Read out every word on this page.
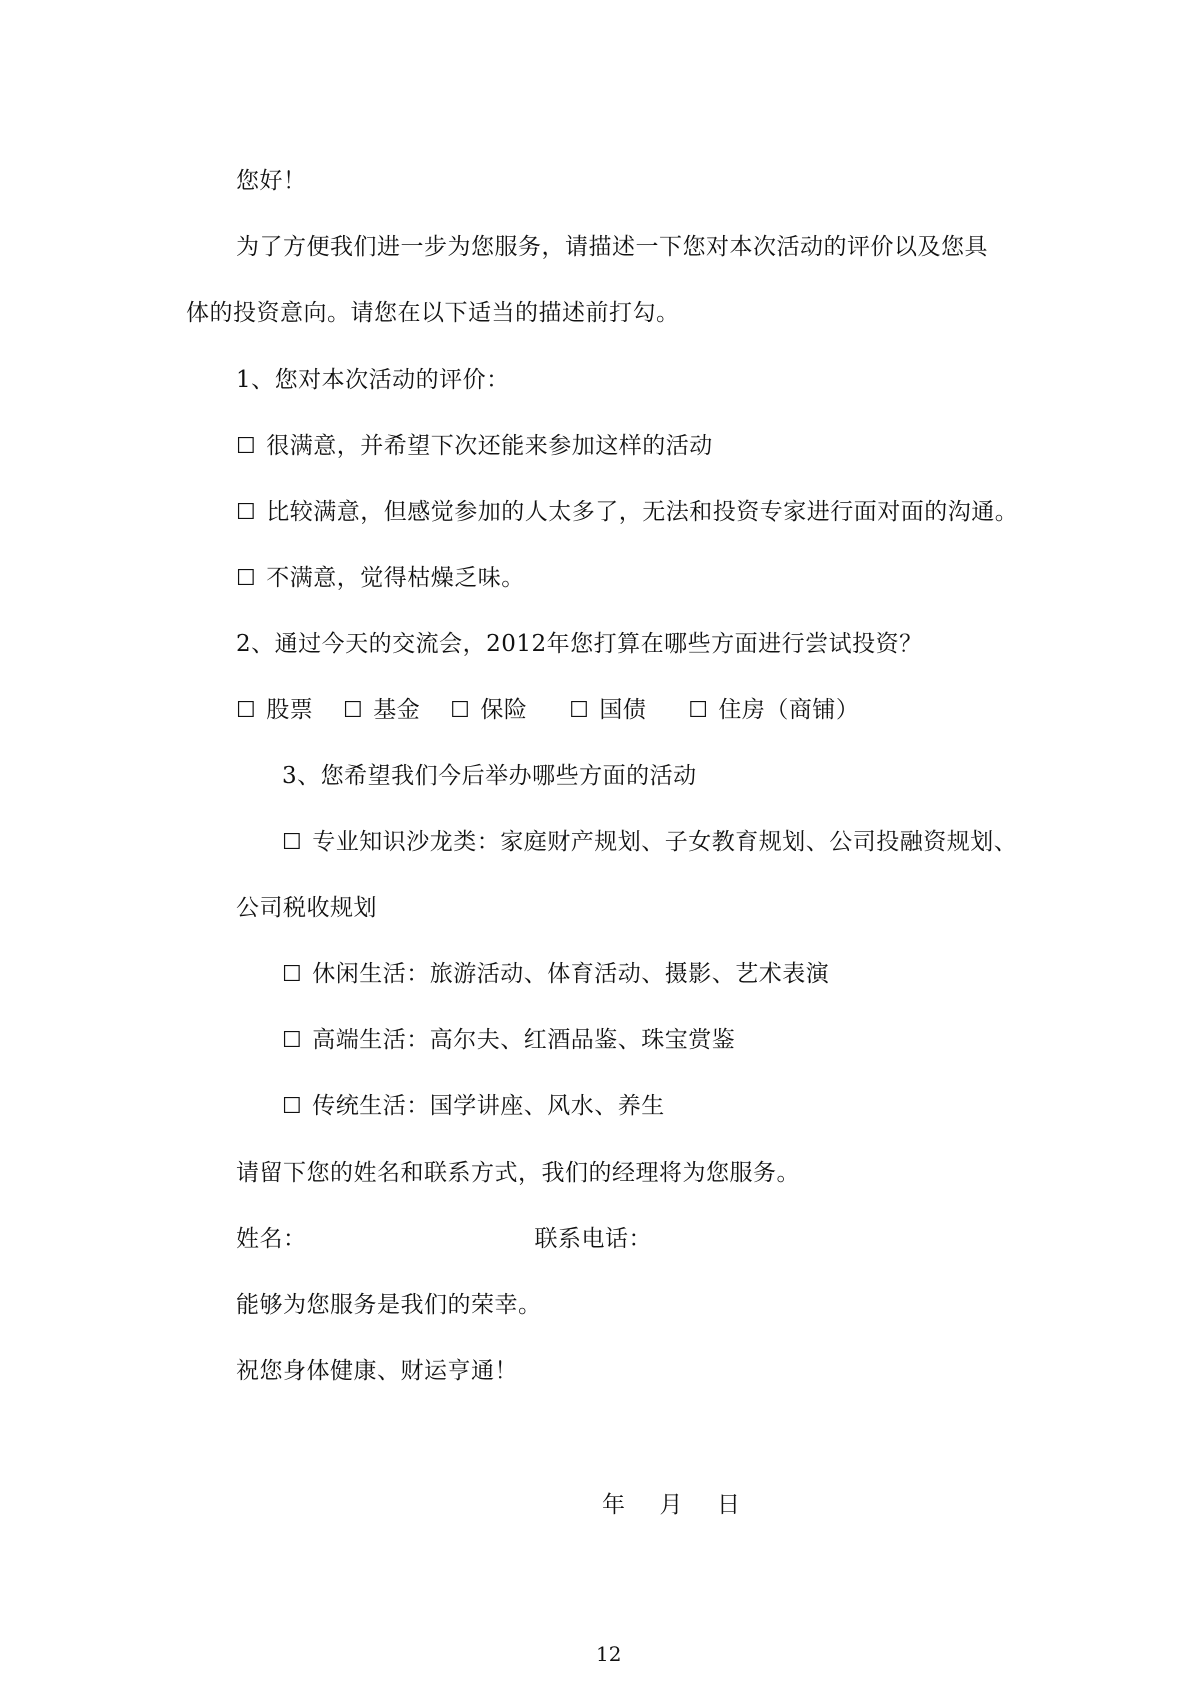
您好！
为了方便我们进一步为您服务，请描述一下您对本次活动的评价以及您具
体的投资意向。请您在以下适当的描述前打勾。
1、您对本次活动的评价：
☐ 很满意，并希望下次还能来参加这样的活动
☐ 比较满意，但感觉参加的人太多了，无法和投资专家进行面对面的沟通。
☐ 不满意，觉得枯燥乏味。
2、通过今天的交流会，2012年您打算在哪些方面进行尝试投资？
☐ 股票 ☐ 基金 ☐ 保险 ☐ 国债 ☐ 住房（商铺）
3、您希望我们今后举办哪些方面的活动
☐ 专业知识沙龙类：家庭财产规划、子女教育规划、公司投融资规划、
公司税收规划
☐ 休闲生活：旅游活动、体育活动、摄影、艺术表演
☐ 高端生活：高尔夫、红酒品鉴、珠宝赏鉴
☐ 传统生活：国学讲座、风水、养生
请留下您的姓名和联系方式，我们的经理将为您服务。
姓名：	联系电话：
能够为您服务是我们的荣幸。
祝您身体健康、财运亨通！
年 月 日
12
